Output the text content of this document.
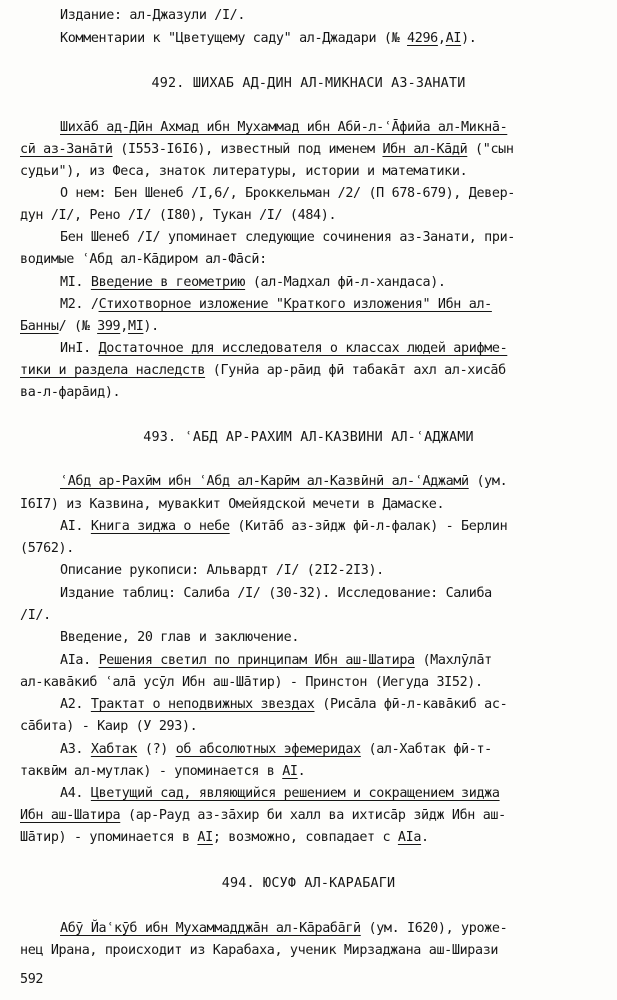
Издание: ал-Джазули /I/.
Комментарии к "Цветущему саду" ал-Джадари (№ 4296,AI).
492. ШИХАБ АД-ДИН АЛ-МИКНАСИ АЗ-ЗАНАТИ
Шихāб ад-Дӣн Ахмад ибн Мухаммад ибн Абӣ-л-ʿĀфийа ал-Микнā-
сӣ аз-Занāтӣ (I553-I6I6), известный под именем Ибн ал-Кāдӣ ("сын
судьи"), из Феса, знаток литературы, истории и математики.
О нем: Бен Шенеб /I,6/, Броккельман /2/ (П 678-679), Девер-
дун /I/, Рено /I/ (I80), Тукан /I/ (484).
Бен Шенеб /I/ упоминает следующие сочинения аз-Занати, при-
водимые ʿАбд ал-Кāдиром ал-Фāсӣ:
MI. Введение в геометрию (ал-Мадхал фӣ-л-хандаса).
M2. /Стихотворное изложение "Краткого изложения" Ибн ал-
Банны/ (№ 399,MI).
ИнI. Достаточное для исследователя о классах людей арифме-
тики и раздела наследств (Гунйа ар-рāид фӣ табакāт ахл ал-хисāб
ва-л-фарāид).
493. ʿАБД АР-РАХИМ АЛ-КАЗВИНИ АЛ-ʿАДЖАМИ
ʿАбд ар-Рахӣм ибн ʿАбд ал-Карӣм ал-Казвӣнӣ ал-ʿАджамӣ (ум.
I6I7) из Казвина, мувакkит Омейядской мечети в Дамаске.
AI. Книга зиджа о небе (Китāб аз-зӣдж фӣ-л-фалак) - Берлин
(5762).
Описание рукописи: Альвардт /I/ (2I2-2I3).
Издание таблиц: Салиба /I/ (30-32). Исследование: Салиба
/I/.
Введение, 20 глав и заключение.
AIa. Решения светил по принципам Ибн аш-Шатира (Махлӯлāт
ал-кавāкиб ʿалā усӯл Ибн аш-Шāтир) - Принстон (Иегуда 3I52).
A2. Трактат о неподвижных звездах (Рисāла фӣ-л-кавāкиб ас-
сāбита) - Каир (У 293).
A3. Хабтак (?) об абсолютных эфемеридах (ал-Хабтак фӣ-т-
таквӣм ал-мутлак) - упоминается в AI.
A4. Цветущий сад, являющийся решением и сокращением зиджа
Ибн аш-Шатира (ар-Рауд аз-зāхир би халл ва ихтисāр зӣдж Ибн аш-
Шāтир) - упоминается в AI; возможно, совпадает с AIa.
494. ЮСУФ АЛ-КАРАБАГИ
Абӯ Йаʿкӯб ибн Мухаммадджāн ал-Кāрабāгӣ (ум. I620), уроже-
нец Ирана, происходит из Карабаха, ученик Мирзаджана аш-Ширази
592
